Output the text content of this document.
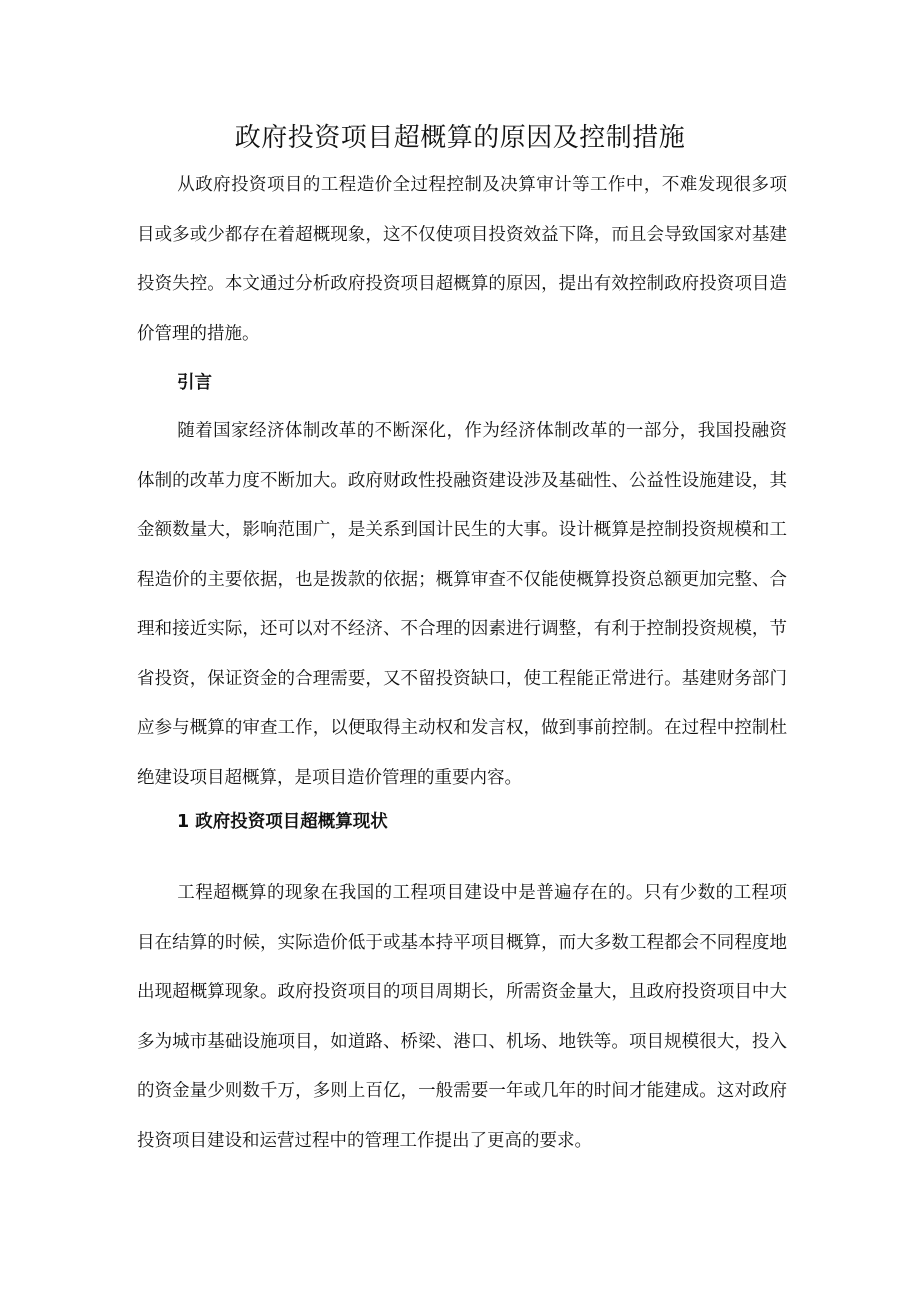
政府投资项目超概算的原因及控制措施

从政府投资项目的工程造价全过程控制及决算审计等工作中，不难发现很多项目或多或少都存在着超概现象，这不仅使项目投资效益下降，而且会导致国家对基建投资失控。本文通过分析政府投资项目超概算的原因，提出有效控制政府投资项目造价管理的措施。

引言

随着国家经济体制改革的不断深化，作为经济体制改革的一部分，我国投融资体制的改革力度不断加大。政府财政性投融资建设涉及基础性、公益性设施建设，其金额数量大，影响范围广，是关系到国计民生的大事。设计概算是控制投资规模和工程造价的主要依据，也是拨款的依据；概算审查不仅能使概算投资总额更加完整、合理和接近实际，还可以对不经济、不合理的因素进行调整，有利于控制投资规模，节省投资，保证资金的合理需要，又不留投资缺口，使工程能正常进行。基建财务部门应参与概算的审查工作，以便取得主动权和发言权，做到事前控制。在过程中控制杜绝建设项目超概算，是项目造价管理的重要内容。

1 政府投资项目超概算现状

工程超概算的现象在我国的工程项目建设中是普遍存在的。只有少数的工程项目在结算的时候，实际造价低于或基本持平项目概算，而大多数工程都会不同程度地出现超概算现象。政府投资项目的项目周期长，所需资金量大，且政府投资项目中大多为城市基础设施项目，如道路、桥梁、港口、机场、地铁等。项目规模很大，投入的资金量少则数千万，多则上百亿，一般需要一年或几年的时间才能建成。这对政府投资项目建设和运营过程中的管理工作提出了更高的要求。
